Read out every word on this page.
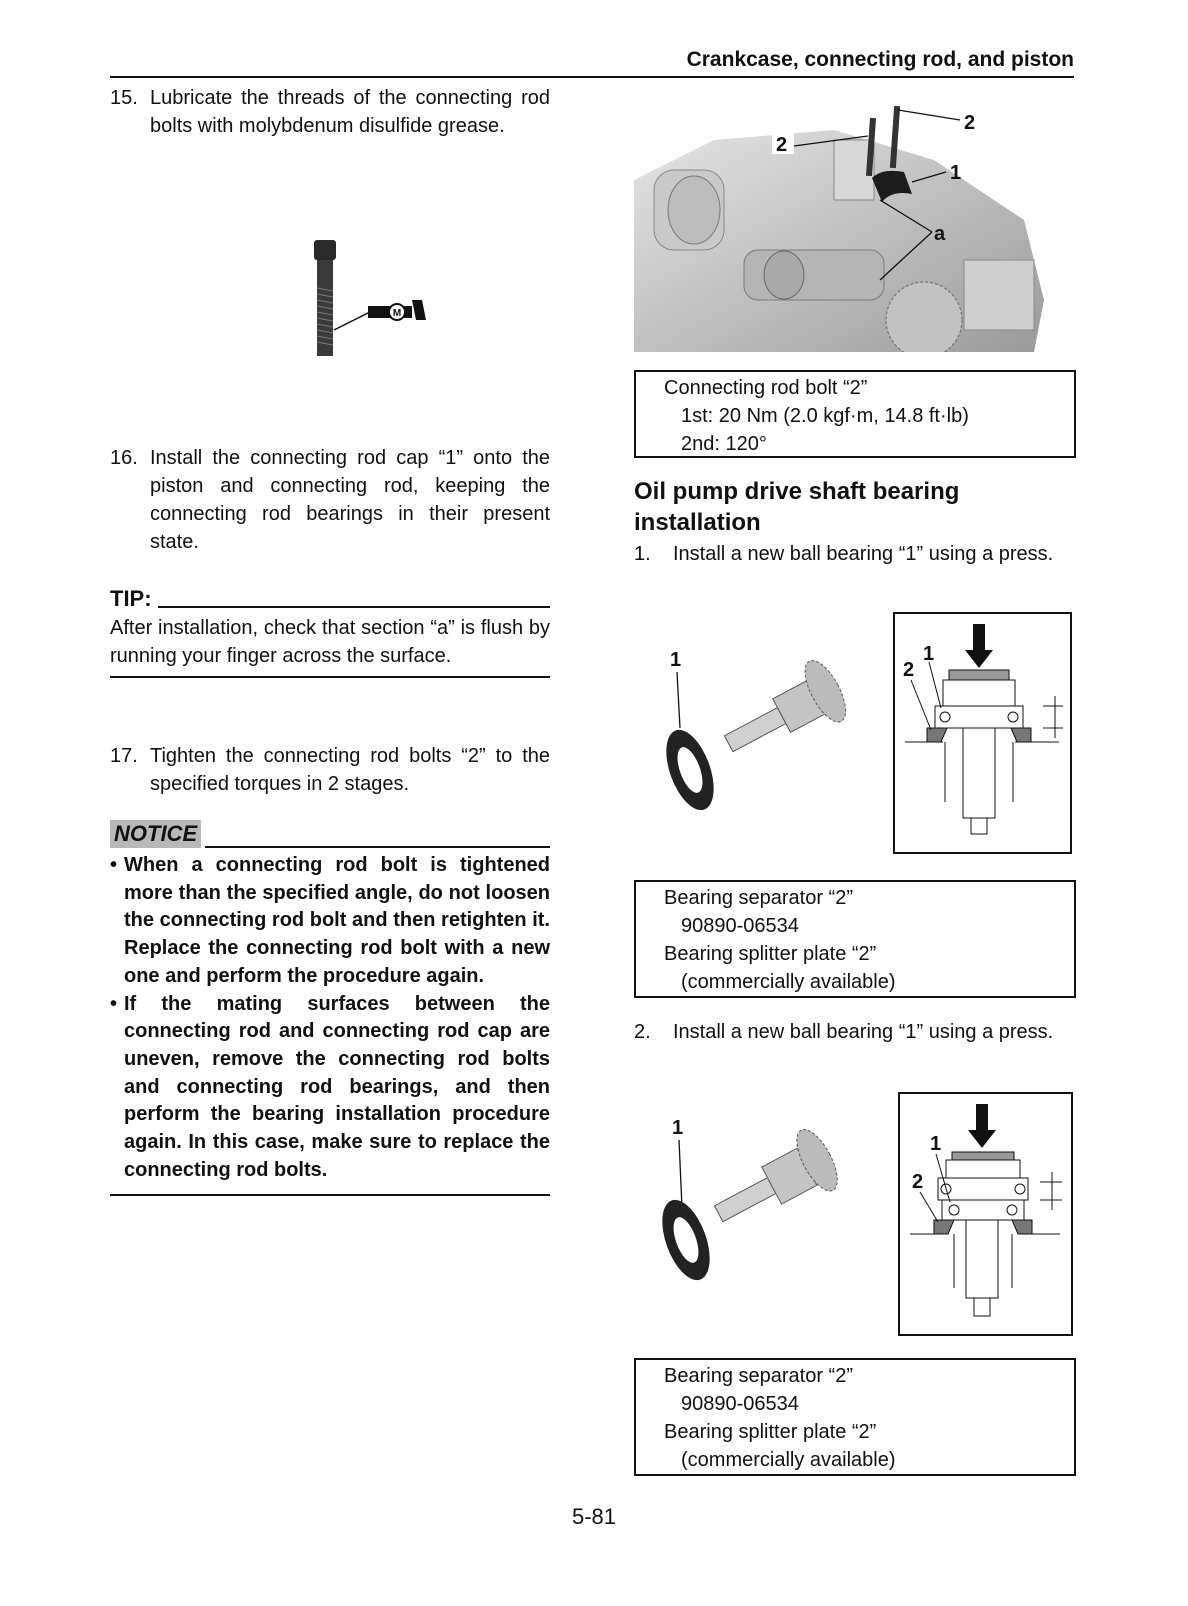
Crankcase, connecting rod, and piston
15. Lubricate the threads of the connecting rod bolts with molybdenum disulfide grease.
M
16. Install the connecting rod cap “1” onto the piston and connecting rod, keeping the connecting rod bearings in their present state.
TIP:
After installation, check that section “a” is flush by running your finger across the surface.
17. Tighten the connecting rod bolts “2” to the specified torques in 2 stages.
NOTICE
• When a connecting rod bolt is tightened more than the specified angle, do not loosen the connecting rod bolt and then retighten it. Replace the connecting rod bolt with a new one and perform the procedure again.
• If the mating surfaces between the connecting rod and connecting rod cap are uneven, remove the connecting rod bolts and connecting rod bearings, and then perform the bearing installation procedure again. In this case, make sure to replace the connecting rod bolts.
2
2
1
a
Connecting rod bolt “2”
1st: 20 Nm (2.0 kgf·m, 14.8 ft·lb)
2nd: 120°
Oil pump drive shaft bearing installation
1.	Install a new ball bearing “1” using a press.
1	1
2
Bearing separator “2”
90890-06534
Bearing splitter plate “2”
(commercially available)
2.	Install a new ball bearing “1” using a press.
1
1
2
Bearing separator “2”
90890-06534
Bearing splitter plate “2”
(commercially available)
5-81
